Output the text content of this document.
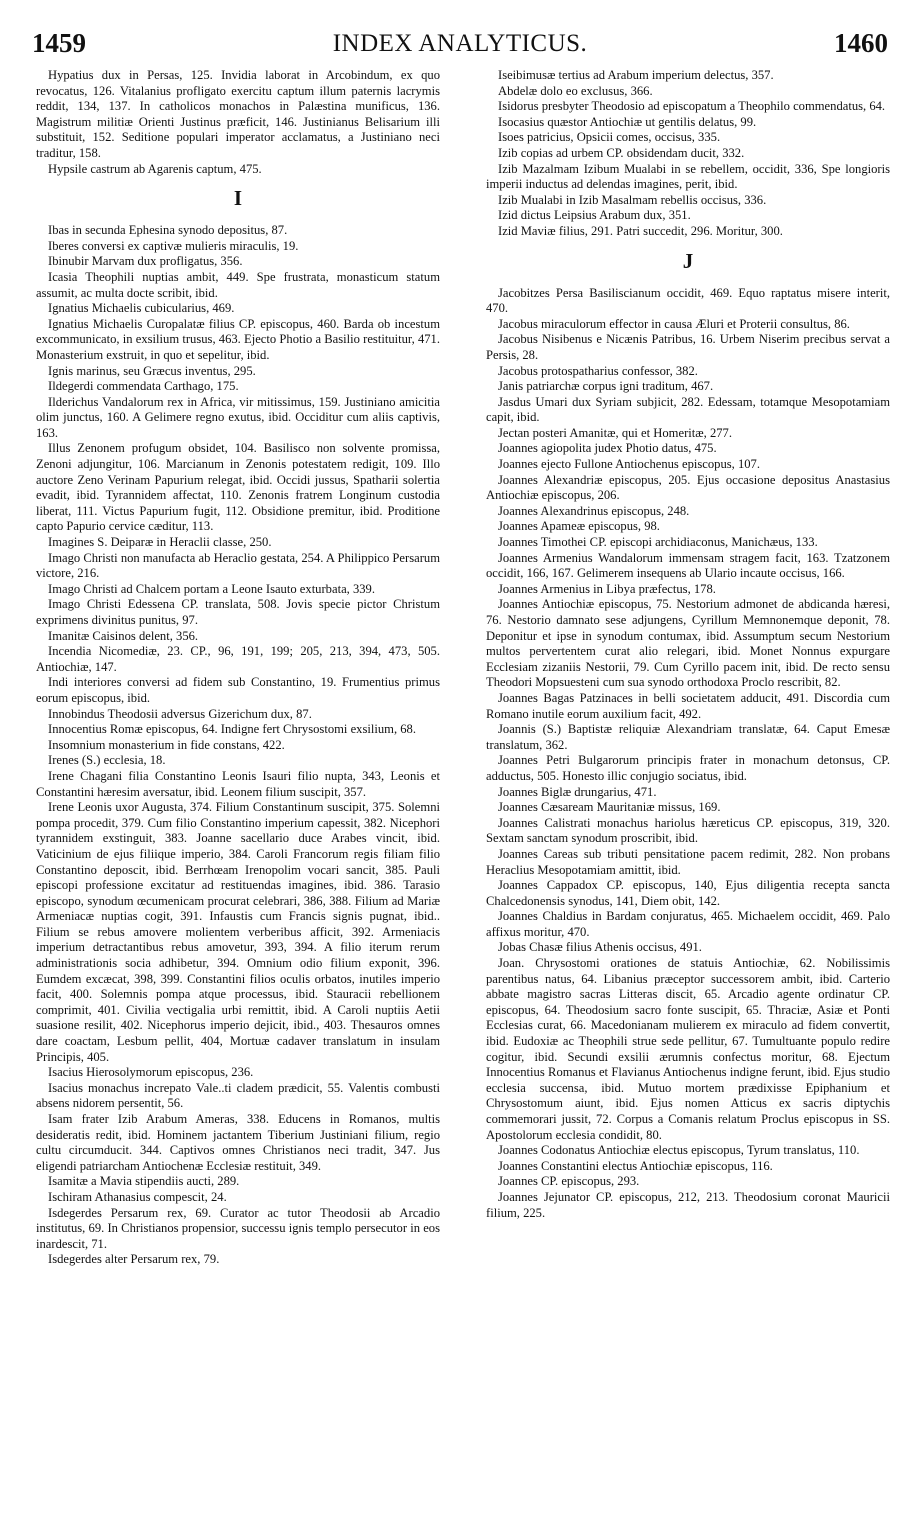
1459	INDEX ANALYTICUS.	1460

Hypatius dux in Persas, 125. Invidia laborat in Arcobindum, ex quo revocatus, 126. Vitalanius profligato exercitu captum illum paternis lacrymis reddit, 134, 137. In catholicos monachos in Palæstina munificus, 136. Magistrum militiæ Orienti Justinus præficit, 146. Justinianus Belisarium illi substituit, 152. Seditione populari imperator acclamatus, a Justiniano neci traditur, 158.

Hypsile castrum ab Agarenis captum, 475.

I

Ibas in secunda Ephesina synodo depositus, 87.

Iberes conversi ex captivæ mulieris miraculis, 19.

Ibinubir Marvam dux profligatus, 356.

Icasia Theophili nuptias ambit, 449. Spe frustrata, monasticum statum assumit, ac multa docte scribit, ibid.

Ignatius Michaelis cubicularius, 469.

Ignatius Michaelis Curopalatæ filius CP. episcopus, 460. Barda ob incestum excommunicato, in exsilium trusus, 463. Ejecto Photio a Basilio restituitur, 471. Monasterium exstruit, in quo et sepelitur, ibid.

Ignis marinus, seu Græcus inventus, 295.

Ildegerdi commendata Carthago, 175.

Ilderichus Vandalorum rex in Africa, vir mitissimus, 159. Justiniano amicitia olim junctus, 160. A Gelimere regno exutus, ibid. Occiditur cum aliis captivis, 163.

Illus Zenonem profugum obsidet, 104. Basilisco non solvente promissa, Zenoni adjungitur, 106. Marcianum in Zenonis potestatem redigit, 109. Illo auctore Zeno Verinam Papurium relegat, ibid. Occidi jussus, Spatharii solertia evadit, ibid. Tyrannidem affectat, 110. Zenonis fratrem Longinum custodia liberat, 111. Victus Papurium fugit, 112. Obsidione premitur, ibid. Proditione capto Papurio cervice cæditur, 113.

Imagines S. Deiparæ in Heraclii classe, 250.

Imago Christi non manufacta ab Heraclio gestata, 254. A Philippico Persarum victore, 216.

Imago Christi ad Chalcem portam a Leone Isauto exturbata, 339.

Imago Christi Edessena CP. translata, 508. Jovis specie pictor Christum exprimens divinitus punitus, 97.

Imanitæ Caisinos delent, 356.

Incendia Nicomediæ, 23. CP., 96, 191, 199; 205, 213, 394, 473, 505. Antiochiæ, 147.

Indi interiores conversi ad fidem sub Constantino, 19. Frumentius primus eorum episcopus, ibid.

Innobindus Theodosii adversus Gizerichum dux, 87.

Innocentius Romæ episcopus, 64. Indigne fert Chrysostomi exsilium, 68.

Insomnium monasterium in fide constans, 422.

Irenes (S.) ecclesia, 18.

Irene Chagani filia Constantino Leonis Isauri filio nupta, 343, Leonis et Constantini hæresim aversatur, ibid. Leonem filium suscipit, 357.

Irene Leonis uxor Augusta, 374. Filium Constantinum suscipit, 375. Solemni pompa procedit, 379. Cum filio Constantino imperium capessit, 382. Nicephori tyrannidem exstinguit, 383. Joanne sacellario duce Arabes vincit, ibid. Vaticinium de ejus filiique imperio, 384. Caroli Francorum regis filiam filio Constantino deposcit, ibid. Berrhœam Irenopolim vocari sancit, 385. Pauli episcopi professione excitatur ad restituendas imagines, ibid. 386. Tarasio episcopo, synodum œcumenicam procurat celebrari, 386, 388. Filium ad Mariæ Armeniacæ nuptias cogit, 391. Infaustis cum Francis signis pugnat, ibid.. Filium se rebus amovere molientem verberibus afficit, 392. Armeniacis imperium detractantibus rebus amovetur, 393, 394. A filio iterum rerum administrationis socia adhibetur, 394. Omnium odio filium exponit, 396. Eumdem excæcat, 398, 399. Constantini filios oculis orbatos, inutiles imperio facit, 400. Solemnis pompa atque processus, ibid. Stauracii rebellionem comprimit, 401. Civilia vectigalia urbi remittit, ibid. A Caroli nuptiis Aetii suasione resilit, 402. Nicephorus imperio dejicit, ibid., 403. Thesauros omnes dare coactam, Lesbum pellit, 404, Mortuæ cadaver translatum in insulam Principis, 405.

Isacius Hierosolymorum episcopus, 236.

Isacius monachus increpato Vale..ti cladem prædicit, 55. Valentis combusti absens nidorem persentit, 56.

Isam frater Izib Arabum Ameras, 338. Educens in Romanos, multis desideratis redit, ibid. Hominem jactantem Tiberium Justiniani filium, regio cultu circumducit. 344. Captivos omnes Christianos neci tradit, 347. Jus eligendi patriarcham Antiochenæ Ecclesiæ restituit, 349.

Isamitæ a Mavia stipendiis aucti, 289.

Ischiram Athanasius compescit, 24.

Isdegerdes Persarum rex, 69. Curator ac tutor Theodosii ab Arcadio institutus, 69. In Christianos propensior, successu ignis templo persecutor in eos inardescit, 71.

Isdegerdes alter Persarum rex, 79.

Iseibimusæ tertius ad Arabum imperium delectus, 357.

Abdelæ dolo eo exclusus, 366.

Isidorus presbyter Theodosio ad episcopatum a Theophilo commendatus, 64.

Isocasius quæstor Antiochiæ ut gentilis delatus, 99.

Isoes patricius, Opsicii comes, occisus, 335.

Izib copias ad urbem CP. obsidendam ducit, 332.

Izib Mazalmam Izibum Mualabi in se rebellem, occidit, 336, Spe longioris imperii inductus ad delendas imagines, perit, ibid.

Izib Mualabi in Izib Masalmam rebellis occisus, 336.

Izid dictus Leipsius Arabum dux, 351.

Izid Maviæ filius, 291. Patri succedit, 296. Moritur, 300.

J

Jacobitzes Persa Basiliscianum occidit, 469. Equo raptatus misere interit, 470.

Jacobus miraculorum effector in causa Æluri et Proterii consultus, 86.

Jacobus Nisibenus e Nicænis Patribus, 16. Urbem Niserim precibus servat a Persis, 28.

Jacobus protospatharius confessor, 382.

Janis patriarchæ corpus igni traditum, 467.

Jasdus Umari dux Syriam subjicit, 282. Edessam, totamque Mesopotamiam capit, ibid.

Jectan posteri Amanitæ, qui et Homeritæ, 277.

Joannes agiopolita judex Photio datus, 475.

Joannes ejecto Fullone Antiochenus episcopus, 107.

Joannes Alexandriæ episcopus, 205. Ejus occasione depositus Anastasius Antiochiæ episcopus, 206.

Joannes Alexandrinus episcopus, 248.

Joannes Apameæ episcopus, 98.

Joannes Timothei CP. episcopi archidiaconus, Manichæus, 133.

Joannes Armenius Wandalorum immensam stragem facit, 163. Tzatzonem occidit, 166, 167. Gelimerem insequens ab Ulario incaute occisus, 166.

Joannes Armenius in Libya præfectus, 178.

Joannes Antiochiæ episcopus, 75. Nestorium admonet de abdicanda hæresi, 76. Nestorio damnato sese adjungens, Cyrillum Memnonemque deponit, 78. Deponitur et ipse in synodum contumax, ibid. Assumptum secum Nestorium multos pervertentem curat alio relegari, ibid. Monet Nonnus expurgare Ecclesiam zizaniis Nestorii, 79. Cum Cyrillo pacem init, ibid. De recto sensu Theodori Mopsuesteni cum sua synodo orthodoxa Proclo rescribit, 82.

Joannes Bagas Patzinaces in belli societatem adducit, 491. Discordia cum Romano inutile eorum auxilium facit, 492.

Joannis (S.) Baptistæ reliquiæ Alexandriam translatæ, 64. Caput Emesæ translatum, 362.

Joannes Petri Bulgarorum principis frater in monachum detonsus, CP. adductus, 505. Honesto illic conjugio sociatus, ibid.

Joannes Biglæ drungarius, 471.

Joannes Cæsaream Mauritaniæ missus, 169.

Joannes Calistrati monachus hariolus hæreticus CP. episcopus, 319, 320. Sextam sanctam synodum proscribit, ibid.

Joannes Careas sub tributi pensitatione pacem redimit, 282. Non probans Heraclius Mesopotamiam amittit, ibid.

Joannes Cappadox CP. episcopus, 140, Ejus diligentia recepta sancta Chalcedonensis synodus, 141, Diem obit, 142.

Joannes Chaldius in Bardam conjuratus, 465. Michaelem occidit, 469. Palo affixus moritur, 470.

Jobas Chasæ filius Athenis occisus, 491.

Joan. Chrysostomi orationes de statuis Antiochiæ, 62. Nobilissimis parentibus natus, 64. Libanius præceptor successorem ambit, ibid. Carterio abbate magistro sacras Litteras discit, 65. Arcadio agente ordinatur CP. episcopus, 64. Theodosium sacro fonte suscipit, 65. Thraciæ, Asiæ et Ponti Ecclesias curat, 66. Macedonianam mulierem ex miraculo ad fidem convertit, ibid. Eudoxiæ ac Theophili strue sede pellitur, 67. Tumultuante populo redire cogitur, ibid. Secundi exsilii ærumnis confectus moritur, 68. Ejectum Innocentius Romanus et Flavianus Antiochenus indigne ferunt, ibid. Ejus studio ecclesia succensa, ibid. Mutuo mortem prædixisse Epiphanium et Chrysostomum aiunt, ibid. Ejus nomen Atticus ex sacris diptychis commemorari jussit, 72. Corpus a Comanis relatum Proclus episcopus in SS. Apostolorum ecclesia condidit, 80.

Joannes Codonatus Antiochiæ electus episcopus, Tyrum translatus, 110.

Joannes Constantini electus Antiochiæ episcopus, 116.

Joannes CP. episcopus, 293.

Joannes Jejunator CP. episcopus, 212, 213. Theodosium coronat Mauricii filium, 225.
